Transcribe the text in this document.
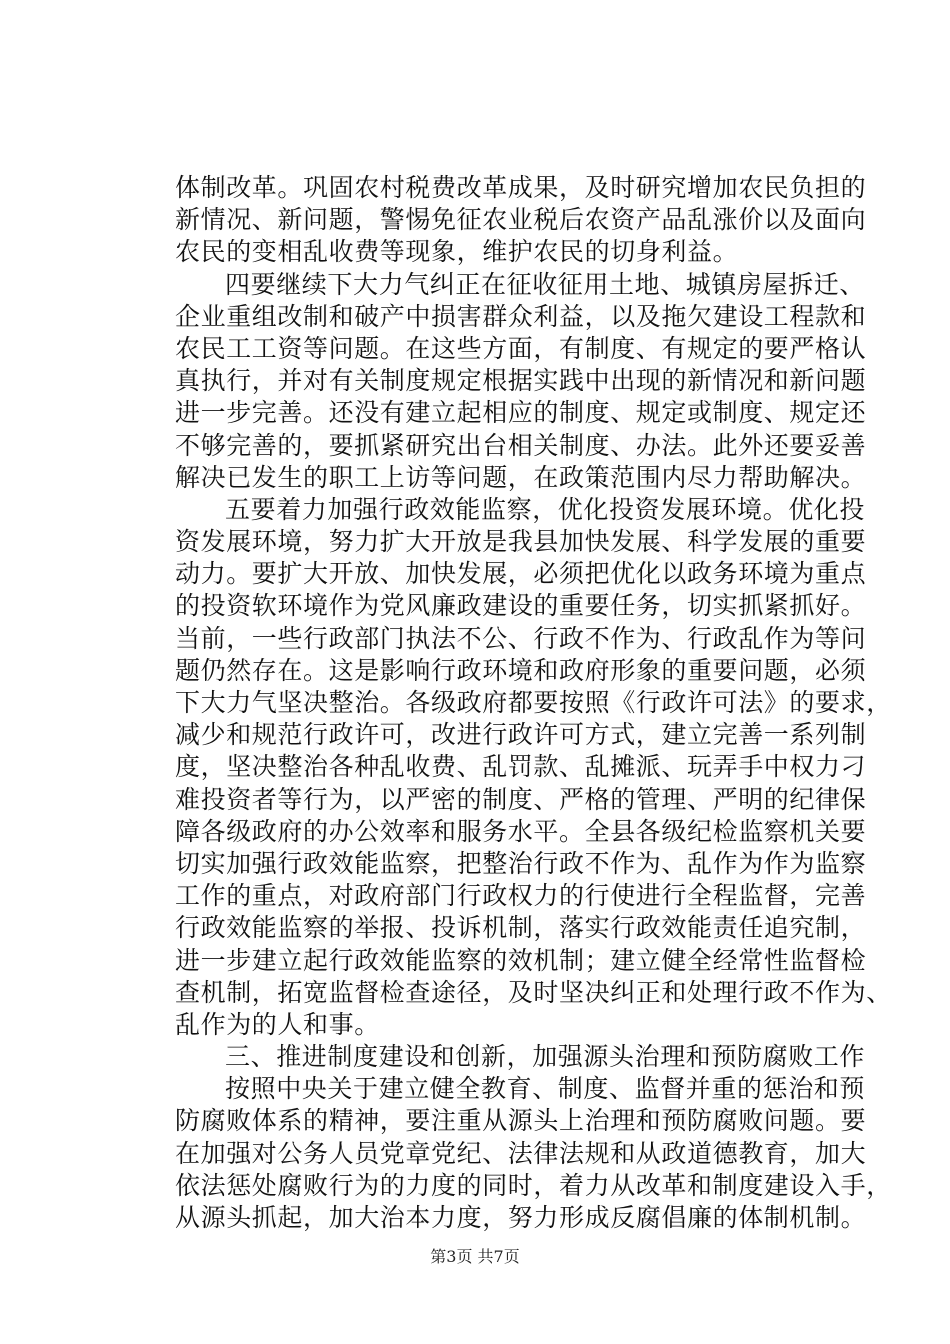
体制改革。巩固农村税费改革成果，及时研究增加农民负担的
新情况、新问题，警惕免征农业税后农资产品乱涨价以及面向
农民的变相乱收费等现象，维护农民的切身利益。
四要继续下大力气纠正在征收征用土地、城镇房屋拆迁、
企业重组改制和破产中损害群众利益，以及拖欠建设工程款和
农民工工资等问题。在这些方面，有制度、有规定的要严格认
真执行，并对有关制度规定根据实践中出现的新情况和新问题
进一步完善。还没有建立起相应的制度、规定或制度、规定还
不够完善的，要抓紧研究出台相关制度、办法。此外还要妥善
解决已发生的职工上访等问题，在政策范围内尽力帮助解决。
五要着力加强行政效能监察，优化投资发展环境。优化投
资发展环境，努力扩大开放是我县加快发展、科学发展的重要
动力。要扩大开放、加快发展，必须把优化以政务环境为重点
的投资软环境作为党风廉政建设的重要任务，切实抓紧抓好。
当前，一些行政部门执法不公、行政不作为、行政乱作为等问
题仍然存在。这是影响行政环境和政府形象的重要问题，必须
下大力气坚决整治。各级政府都要按照《行政许可法》的要求，
减少和规范行政许可，改进行政许可方式，建立完善一系列制
度，坚决整治各种乱收费、乱罚款、乱摊派、玩弄手中权力刁
难投资者等行为，以严密的制度、严格的管理、严明的纪律保
障各级政府的办公效率和服务水平。全县各级纪检监察机关要
切实加强行政效能监察，把整治行政不作为、乱作为作为监察
工作的重点，对政府部门行政权力的行使进行全程监督，完善
行政效能监察的举报、投诉机制，落实行政效能责任追究制，
进一步建立起行政效能监察的效机制；建立健全经常性监督检
查机制，拓宽监督检查途径，及时坚决纠正和处理行政不作为、
乱作为的人和事。
三、推进制度建设和创新，加强源头治理和预防腐败工作
按照中央关于建立健全教育、制度、监督并重的惩治和预
防腐败体系的精神，要注重从源头上治理和预防腐败问题。要
在加强对公务人员党章党纪、法律法规和从政道德教育，加大
依法惩处腐败行为的力度的同时，着力从改革和制度建设入手，
从源头抓起，加大治本力度，努力形成反腐倡廉的体制机制。
第3页 共7页
